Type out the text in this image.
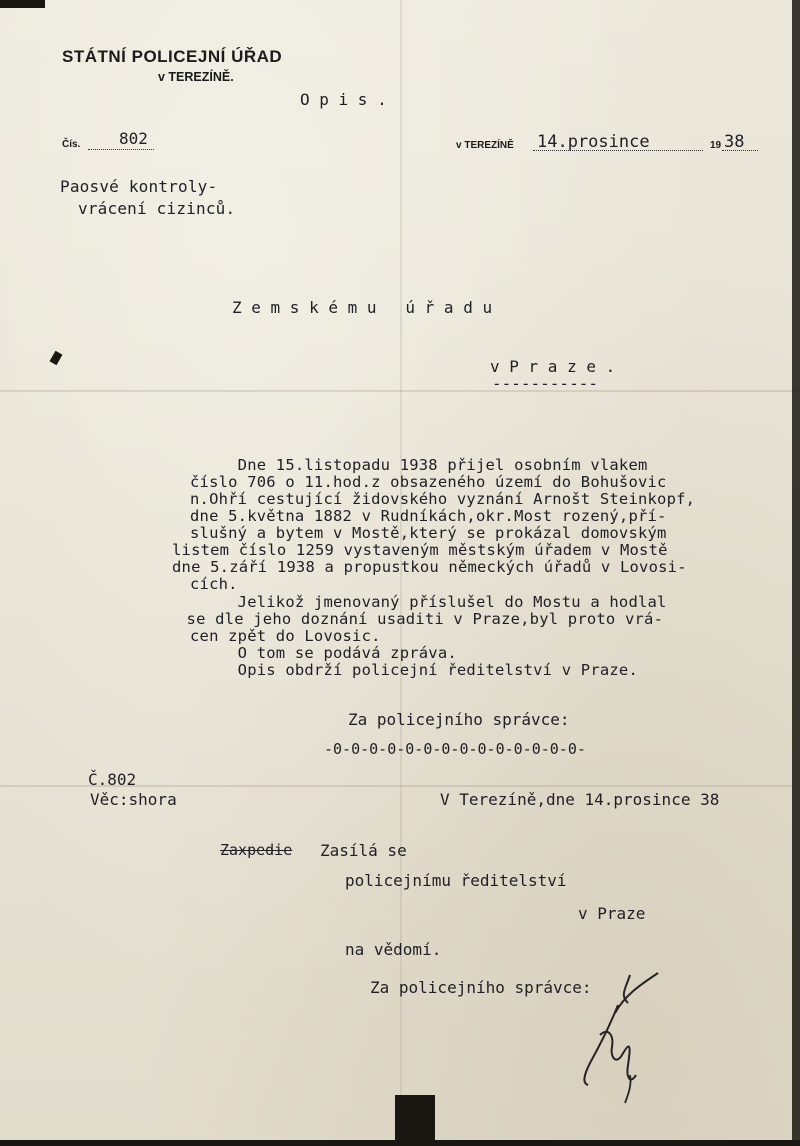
STÁTNÍ POLICEJNÍ ÚŘAD
v TEREZÍNĚ.
O p i s .
Čís. 802	v TEREZÍNĚ 14.prosince	19 38
Paosvé kontroly-
vrácení cizinců.
Z e m s k é m u   ú ř a d u
v P r a z e .
-----------
Dne 15.listopadu 1938 přijel osobním vlakem
číslo 706 o 11.hod.z obsazeného území do Bohušovic
n.Ohří cestující židovského vyznání Arnošt Steinkopf,
dne 5.května 1882 v Rudníkách,okr.Most rozený,pří-
slušný a bytem v Mostě,který se prokázal domovským
listem číslo 1259 vystaveným městským úřadem v Mostě
dne 5.září 1938 a propustkou německých úřadů v Lovosi-
cích.
Jelikož jmenovaný příslušel do Mostu a hodlal
se dle jeho doznání usaditi v Praze,byl proto vrá-
cen zpět do Lovosic.
O tom se podává zpráva.
Opis obdrží policejní ředitelství v Praze.
Za policejního správce:
-0-0-0-0-0-0-0-0-0-0-0-0-0-0-
Č.802
Věc:shora	V Terezíně,dne 14.prosince 38
Zaxpedie Zasílá se
policejnímu ředitelství
v Praze
na vědomí.
Za policejního správce:
